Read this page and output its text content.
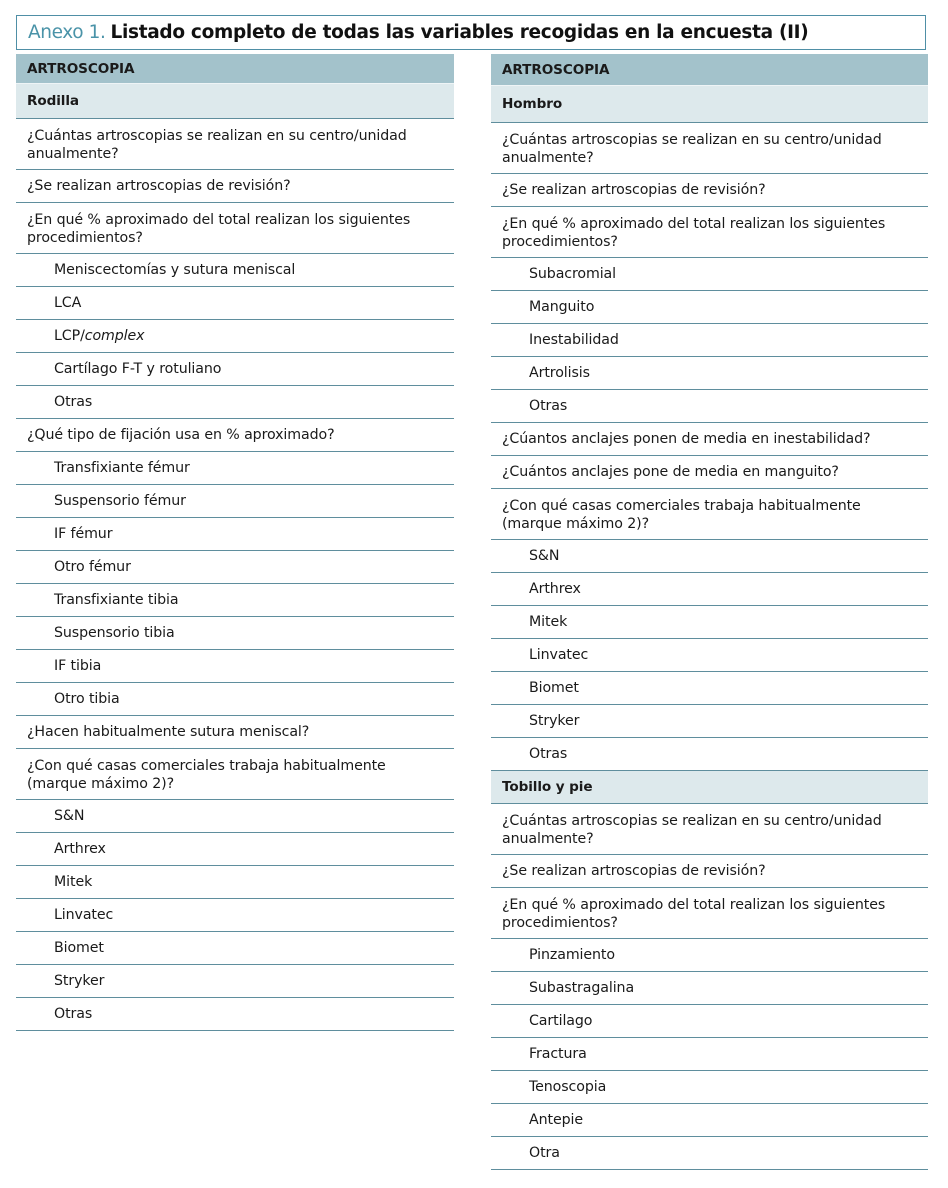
Anexo 1. Listado completo de todas las variables recogidas en la encuesta (II)
ARTROSCOPIA
Rodilla
¿Cuántas artroscopias se realizan en su centro/unidad anualmente?
¿Se realizan artroscopias de revisión?
¿En qué % aproximado del total realizan los siguientes procedimientos?
Meniscectomías y sutura meniscal
LCA
LCP/ complex
Cartílago F-T y rotuliano
Otras
¿Qué tipo de fijación usa en % aproximado?
Transfixiante fémur
Suspensorio fémur
IF fémur
Otro fémur
Transfixiante tibia
Suspensorio tibia
IF tibia
Otro tibia
¿Hacen habitualmente sutura meniscal?
¿Con qué casas comerciales trabaja habitualmente (marque máximo 2)?
S&N
Arthrex
Mitek
Linvatec
Biomet
Stryker
Otras
ARTROSCOPIA
Hombro
¿Cuántas artroscopias se realizan en su centro/unidad anualmente?
¿Se realizan artroscopias de revisión?
¿En qué % aproximado del total realizan los siguientes procedimientos?
Subacromial
Manguito
Inestabilidad
Artrolisis
Otras
¿Cúantos anclajes ponen de media en inestabilidad?
¿Cuántos anclajes pone de media en manguito?
¿Con qué casas comerciales trabaja habitualmente (marque máximo 2)?
S&N
Arthrex
Mitek
Linvatec
Biomet
Stryker
Otras
Tobillo y pie
¿Cuántas artroscopias se realizan en su centro/unidad anualmente?
¿Se realizan artroscopias de revisión?
¿En qué % aproximado del total realizan los siguientes procedimientos?
Pinzamiento
Subastragalina
Cartilago
Fractura
Tenoscopia
Antepie
Otra
